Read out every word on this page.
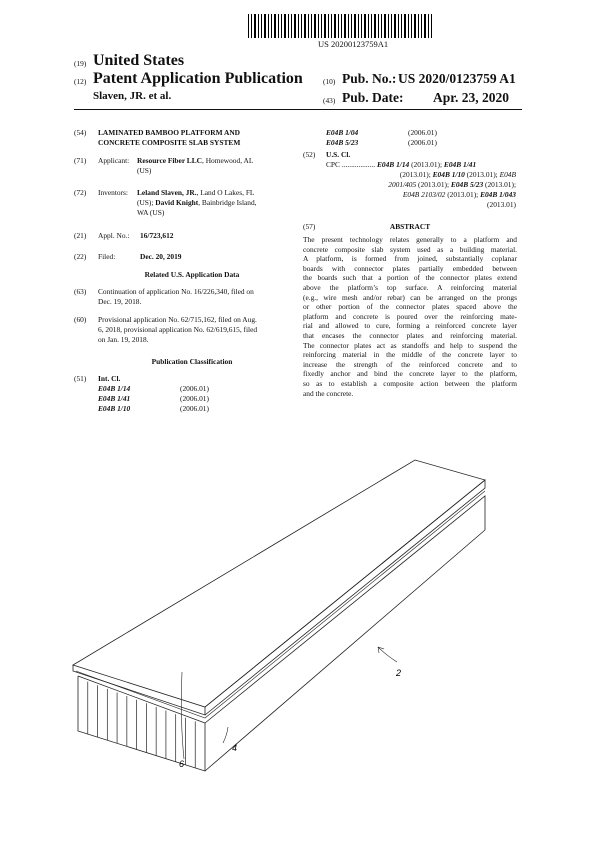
US 20200123759A1
(19) United States
(12) Patent Application Publication
Slaven, JR. et al.
(10) Pub. No.: US 2020/0123759 A1
(43) Pub. Date: Apr. 23, 2020
(54) LAMINATED BAMBOO PLATFORM AND
CONCRETE COMPOSITE SLAB SYSTEM
(71) Applicant: Resource Fiber LLC, Homewood, AL
(US)
(72) Inventors: Leland Slaven, JR., Land O Lakes, FL
(US); David Knight, Bainbridge Island,
WA (US)
(21) Appl. No.: 16/723,612
(22) Filed:	Dec. 20, 2019
Related U.S. Application Data
(63) Continuation of application No. 16/226,340, filed on
Dec. 19, 2018.
(60) Provisional application No. 62/715,162, filed on Aug.
6, 2018, provisional application No. 62/619,615, filed
on Jan. 19, 2018.
Publication Classification
(51) Int. Cl.
E04B 1/14	(2006.01)
E04B 1/41	(2006.01)
E04B 1/10	(2006.01)
E04B 1/04	(2006.01)
E04B 5/23	(2006.01)
(52) U.S. Cl.
CPC .................. E04B 1/14 (2013.01); E04B 1/41
(2013.01); E04B 1/10 (2013.01); E04B
2001/405 (2013.01); E04B 5/23 (2013.01);
E04B 2103/02 (2013.01); E04B 1/043
(2013.01)
(57)	ABSTRACT
The present technology relates generally to a platform and
concrete composite slab system used as a building material.
A platform, is formed from joined, substantially coplanar
boards with connector plates partially embedded between
the boards such that a portion of the connector plates extend
above the platform’s top surface. A reinforcing material
(e.g., wire mesh and/or rebar) can be arranged on the prongs
or other portion of the connector plates spaced above the
platform and concrete is poured over the reinforcing mate-
rial and allowed to cure, forming a reinforced concrete layer
that encases the connector plates and reinforcing material.
The connector plates act as standoffs and help to suspend the
reinforcing material in the middle of the concrete layer to
increase the strength of the reinforced concrete and to
fixedly anchor and bind the concrete layer to the platform,
so as to establish a composite action between the platform
and the concrete.
2
4
6
